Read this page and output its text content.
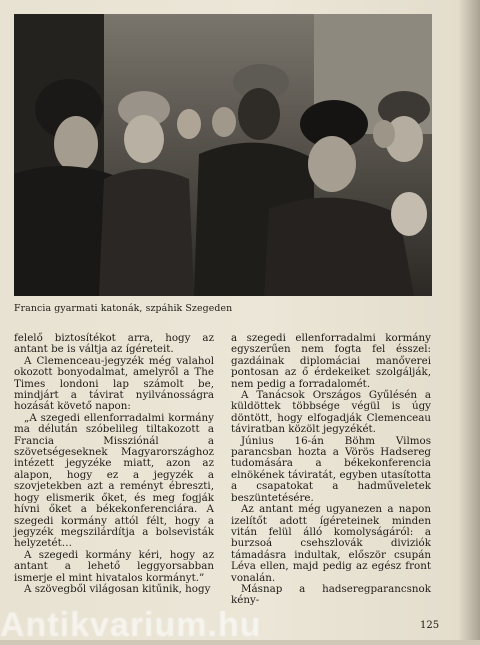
Francia gyarmati katonák, szpáhik Szegeden

felelő biztosítékot arra, hogy az antant be is váltja az ígéreteit.

A Clemenceau-jegyzék még valahol okozott bonyodalmat, amelyről a The Times londoni lap számolt be, mindjárt a távirat nyilvánosságra hozását követő napon:

„A szegedi ellenforradalmi kormány ma délután szóbelileg tiltakozott a Francia Missziónál a szövetségeseknek Magyarországhoz intézett jegyzéke miatt, azon az alapon, hogy ez a jegyzék a szovjetekben azt a reményt ébreszti, hogy elismerik őket, és meg fogják hívni őket a békekonferenciára. A szegedi kormány attól félt, hogy a jegyzék megszilárdítja a bolsevisták helyzetét…

A szegedi kormány kéri, hogy az antant a lehető leggyorsabban ismerje el mint hivatalos kormányt.”

A szövegből világosan kitűnik, hogy

a szegedi ellenforradalmi kormány egyszerűen nem fogta fel ésszel: gazdáinak diplomáciai manőverei pontosan az ő érdekeiket szolgálják, nem pedig a forradalomét.

A Tanácsok Országos Gyűlésén a küldöttek többsége végül is úgy döntött, hogy elfogadják Clemenceau táviratban közölt jegyzékét.

Június 16-án Böhm Vilmos parancsban hozta a Vörös Hadsereg tudomására a békekonferencia elnökének táviratát, egyben utasította a csapatokat a hadműveletek beszüntetésére.

Az antant még ugyanezen a napon izelítőt adott ígéreteinek minden vitán felül álló komolyságáról: a burzsoá csehszlovák diviziók támadásra indultak, először csupán Léva ellen, majd pedig az egész front vonalán.

Másnap a hadseregparancsnok kény-

Antikvarium.hu	125
